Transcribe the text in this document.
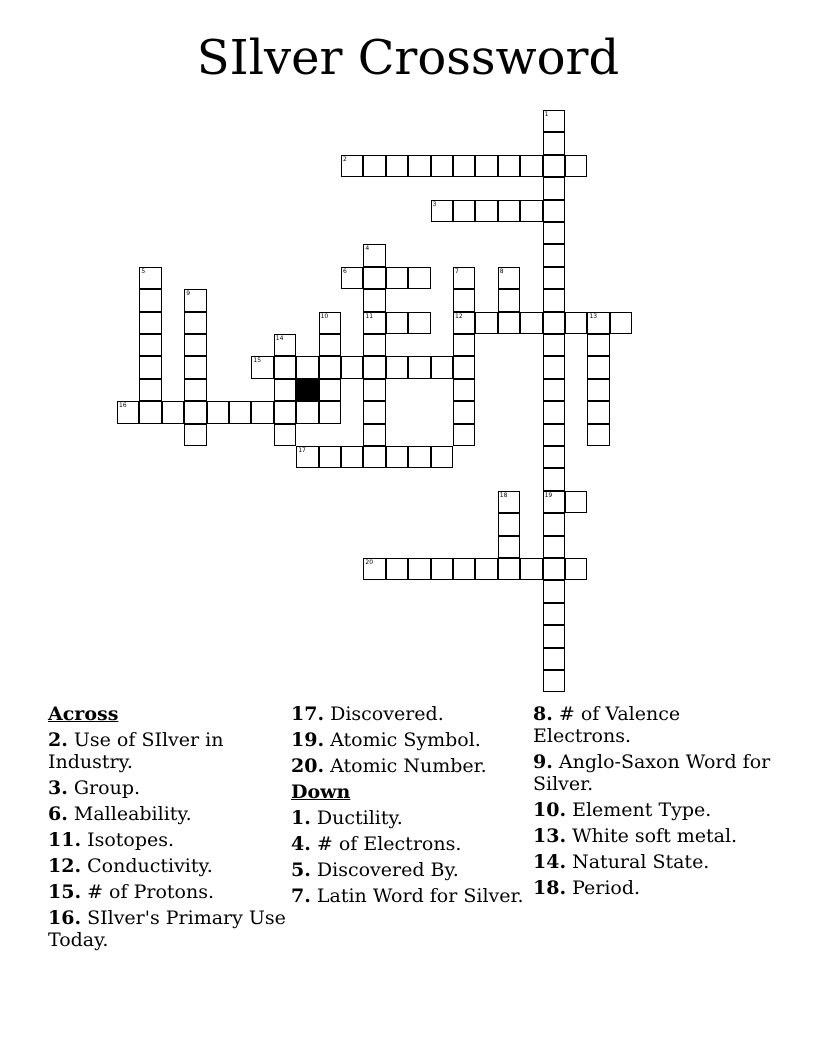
SIlver Crossword
1
19
2
3
4
11
5	6	7
12
8
9
10	13
14
15
16
17
18
20
Across
2. Use of SIlver in Industry.
3. Group.
6. Malleability.
11. Isotopes.
12. Conductivity.
15. # of Protons.
16. SIlver's Primary Use Today.
17. Discovered.
19. Atomic Symbol.
20. Atomic Number.
Down
1. Ductility.
4. # of Electrons.
5. Discovered By.
7. Latin Word for Silver.
8. # of Valence Electrons.
9. Anglo-Saxon Word for Silver.
10. Element Type.
13. White soft metal.
14. Natural State.
18. Period.
